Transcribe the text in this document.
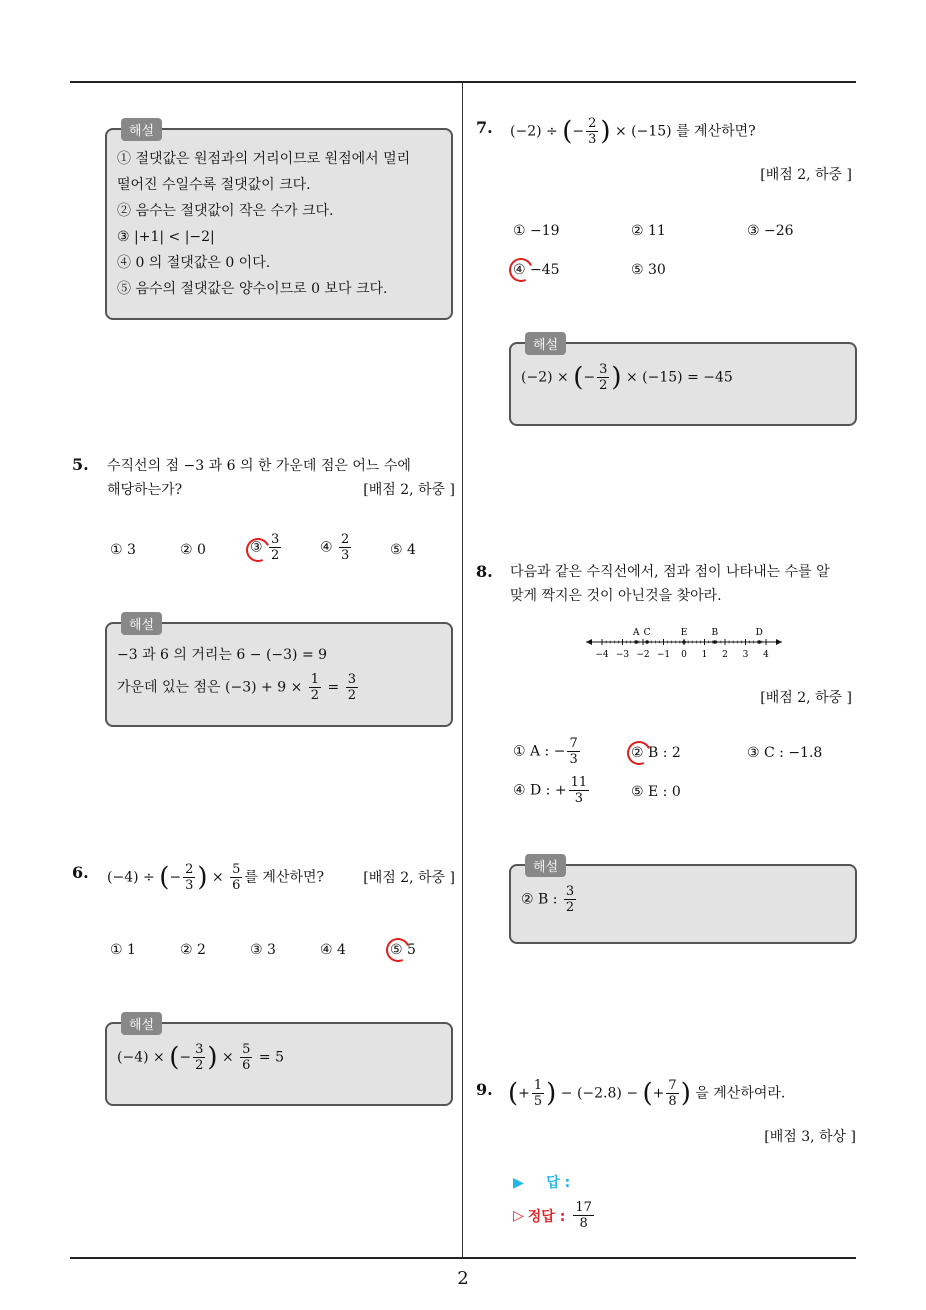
2
해설
① 절댓값은 원점과의 거리이므로 원점에서 멀리
떨어진 수일수록 절댓값이 크다.
② 음수는 절댓값이 작은 수가 크다.
③ |+1| < |−2|
④ 0 의 절댓값은 0 이다.
⑤ 음수의 절댓값은 양수이므로 0 보다 크다.
5. 수직선의 점 −3 과 6 의 한 가운데 점은 어느 수에
해당하는가?	[배점 2, 하중 ]
① 3	② 0	③ $\frac{3}{2}$	④ $\frac{2}{3}$	⑤ 4
해설
−3 과 6 의 거리는 6 − (−3) = 9
가운데 있는 점은 $(-3) + 9 \times \frac{1}{2} = \frac{3}{2}$
6. (−4) ÷ (− $\frac{2}{3}$ ) × $\frac{5}{6}$ 를 계산하면?	[배점 2, 하중 ]
① 1	② 2	③ 3	④ 4	⑤ 5
해설
(−4) × (− $\frac{3}{2}$ ) × $\frac{5}{6} = 5$
7. (−2) ÷ (− $\frac{2}{3}$ ) × (−15) 를 계산하면?
[배점 2, 하중 ]
① −19	② 11	③ −26
④ −45	⑤ 30
해설
(−2) × (− $\frac{3}{2}$ ) × (−15) = −45
8. 다음과 같은 수직선에서, 점과 점이 나타내는 수를 알
맞게 짝지은 것이 아닌것을 찾아라.
−4 −3 −2 −1 0 1 2 3 4
A C	E	B	D
[배점 2, 하중 ]
① A : − $\frac{7}{3}$	② B : 2	③ C : −1.8
④ D : + $\frac{11}{3}$	⑤ E : 0
해설
② B : $\frac{3}{2}$
9. (+ $\frac{1}{5}$ ) − (−2.8) − (+ $\frac{7}{8}$ ) 을 계산하여라.
[배점 3, 하상 ]
▶ 답 :
▷ 정답 : $\frac{17}{8}$
